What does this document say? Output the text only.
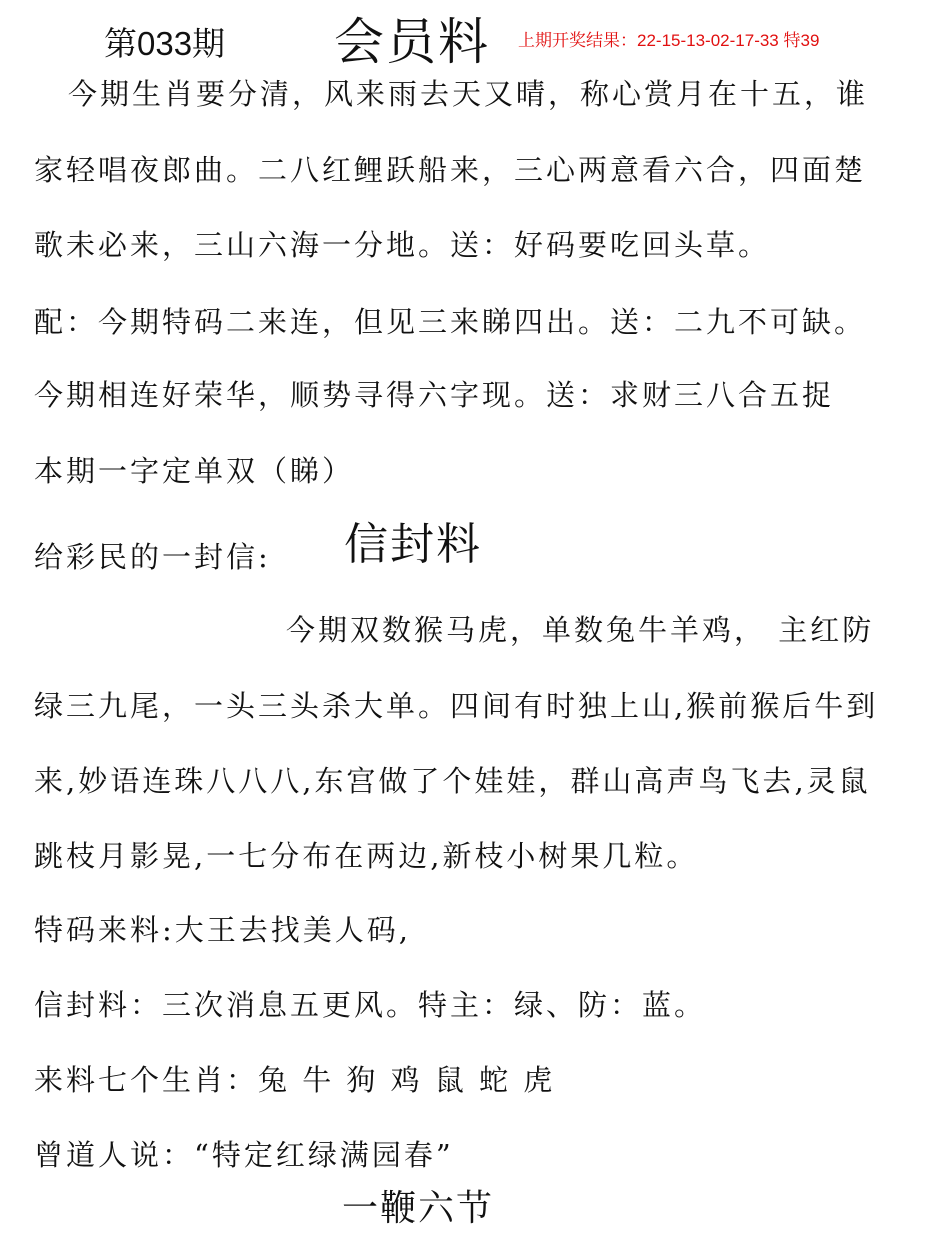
第033期 会员料 上期开奖结果：22-15-13-02-17-33 特39
今期生肖要分清，风来雨去天又晴，称心赏月在十五，谁
家轻唱夜郎曲。二八红鲤跃船来，三心两意看六合，四面楚
歌未必来，三山六海一分地。送：好码要吃回头草。
配：今期特码二来连，但见三来睇四出。送：二九不可缺。
今期相连好荣华，顺势寻得六字现。送：求财三八合五捉
本期一字定单双（睇）
给彩民的一封信: 信封料
今期双数猴马虎，单数兔牛羊鸡， 主红防
绿三九尾，一头三头杀大单。四间有时独上山,猴前猴后牛到
来,妙语连珠八八八,东宫做了个娃娃，群山高声鸟飞去,灵鼠
跳枝月影晃,一七分布在两边,新枝小树果几粒。
特码来料:大王去找美人码,
信封料：三次消息五更风。特主：绿、防：蓝。
来料七个生肖：兔 牛 狗 鸡 鼠 蛇 虎
曾道人说：“特定红绿满园春”
一鞭六节
